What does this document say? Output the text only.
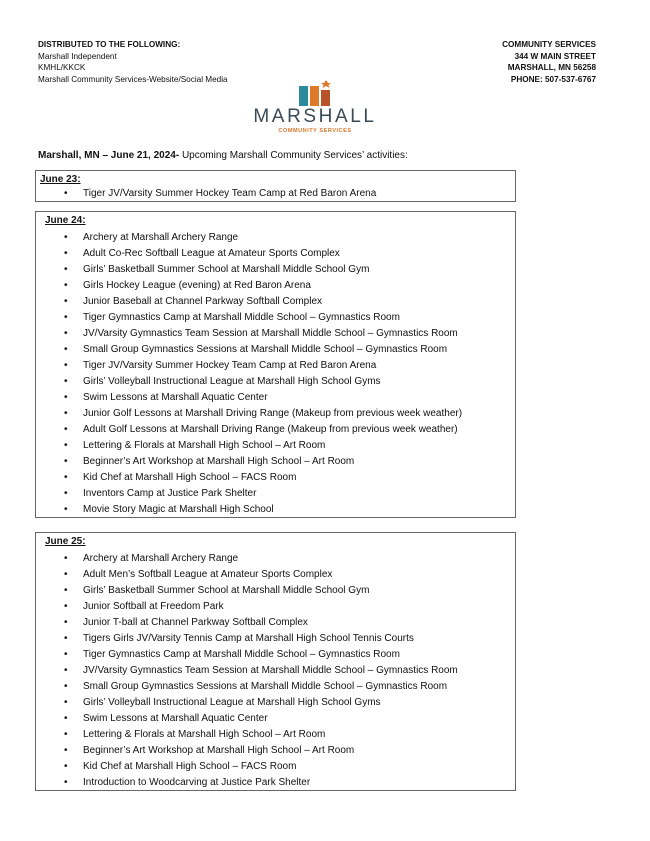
DISTRIBUTED TO THE FOLLOWING:
Marshall Independent
KMHL/KKCK
Marshall Community Services-Website/Social Media
COMMUNITY SERVICES
344 W MAIN STREET
MARSHALL, MN 56258
PHONE: 507-537-6767
MARSHALL
COMMUNITY SERVICES
Marshall, MN – June 21, 2024- Upcoming Marshall Community Services’ activities:
June 23:
• Tiger JV/Varsity Summer Hockey Team Camp at Red Baron Arena
June 24:
• Archery at Marshall Archery Range
• Adult Co-Rec Softball League at Amateur Sports Complex
• Girls’ Basketball Summer School at Marshall Middle School Gym
• Girls Hockey League (evening) at Red Baron Arena
• Junior Baseball at Channel Parkway Softball Complex
• Tiger Gymnastics Camp at Marshall Middle School – Gymnastics Room
• JV/Varsity Gymnastics Team Session at Marshall Middle School – Gymnastics Room
• Small Group Gymnastics Sessions at Marshall Middle School – Gymnastics Room
• Tiger JV/Varsity Summer Hockey Team Camp at Red Baron Arena
• Girls’ Volleyball Instructional League at Marshall High School Gyms
• Swim Lessons at Marshall Aquatic Center
• Junior Golf Lessons at Marshall Driving Range (Makeup from previous week weather)
• Adult Golf Lessons at Marshall Driving Range (Makeup from previous week weather)
• Lettering & Florals at Marshall High School – Art Room
• Beginner’s Art Workshop at Marshall High School – Art Room
• Kid Chef at Marshall High School – FACS Room
• Inventors Camp at Justice Park Shelter
• Movie Story Magic at Marshall High School
June 25:
• Archery at Marshall Archery Range
• Adult Men’s Softball League at Amateur Sports Complex
• Girls’ Basketball Summer School at Marshall Middle School Gym
• Junior Softball at Freedom Park
• Junior T-ball at Channel Parkway Softball Complex
• Tigers Girls JV/Varsity Tennis Camp at Marshall High School Tennis Courts
• Tiger Gymnastics Camp at Marshall Middle School – Gymnastics Room
• JV/Varsity Gymnastics Team Session at Marshall Middle School – Gymnastics Room
• Small Group Gymnastics Sessions at Marshall Middle School – Gymnastics Room
• Girls’ Volleyball Instructional League at Marshall High School Gyms
• Swim Lessons at Marshall Aquatic Center
• Lettering & Florals at Marshall High School – Art Room
• Beginner’s Art Workshop at Marshall High School – Art Room
• Kid Chef at Marshall High School – FACS Room
• Introduction to Woodcarving at Justice Park Shelter
